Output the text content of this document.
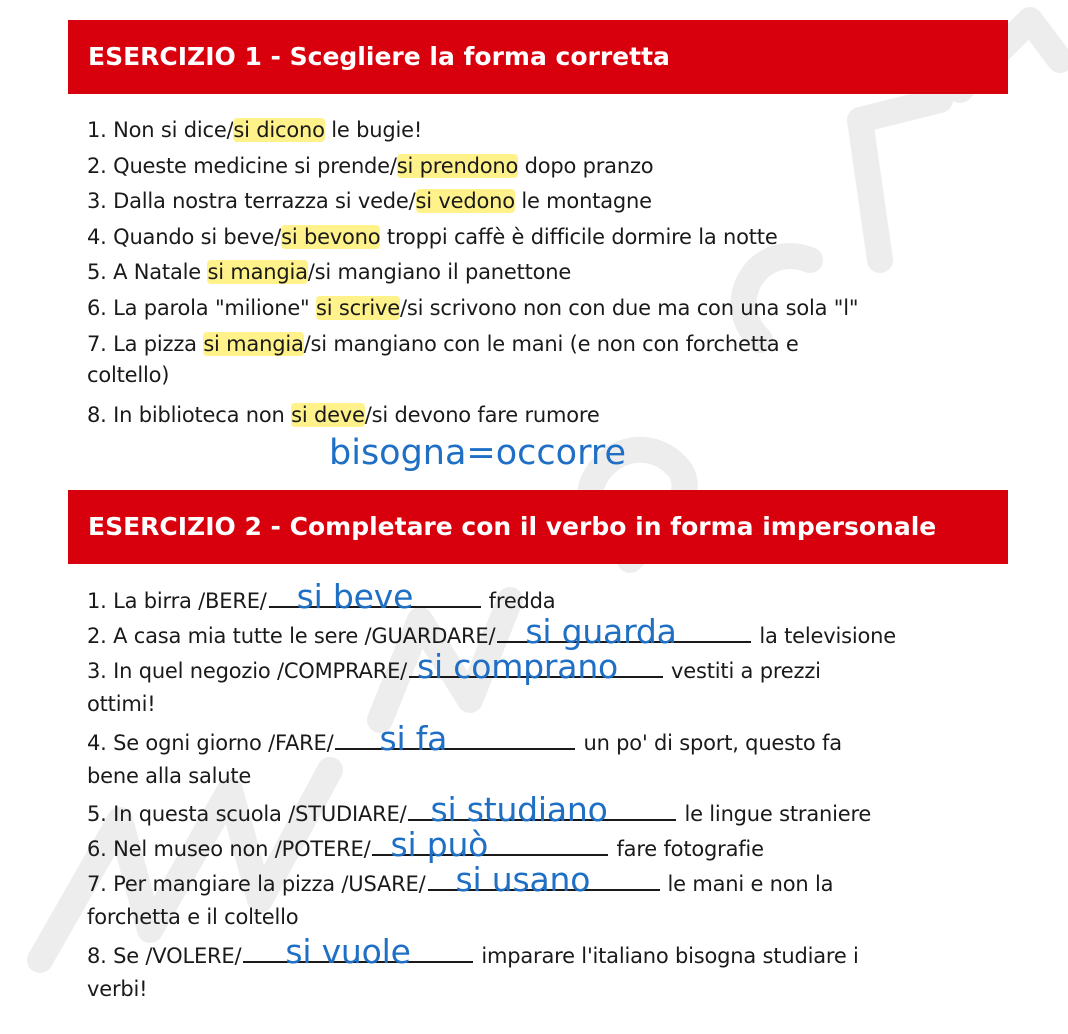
ESERCIZIO 1 - Scegliere la forma corretta
1. Non si dice/si dicono le bugie!
2. Queste medicine si prende/si prendono dopo pranzo
3. Dalla nostra terrazza si vede/si vedono le montagne
4. Quando si beve/si bevono troppi caffè è difficile dormire la notte
5. A Natale si mangia/si mangiano il panettone
6. La parola "milione" si scrive/si scrivono non con due ma con una sola "l"
7. La pizza si mangia/si mangiano con le mani (e non con forchetta e
coltello)
8. In biblioteca non si deve/si devono fare rumore
bisogna=occorre
ESERCIZIO 2 - Completare con il verbo in forma impersonale
1. La birra /BERE/ si beve	fredda
2. A casa mia tutte le sere /GUARDARE/ si guarda	la televisione
3. In quel negozio /COMPRARE/ si comprano	vestiti a prezzi
ottimi!
4. Se ogni giorno /FARE/ si fa	un po' di sport, questo fa
bene alla salute
5. In questa scuola /STUDIARE/ si studiano	le lingue straniere
6. Nel museo non /POTERE/ si può	fare fotografie
7. Per mangiare la pizza /USARE/ si usano	le mani e non la
forchetta e il coltello
8. Se /VOLERE/ si vuole	imparare l'italiano bisogna studiare i
verbi!
